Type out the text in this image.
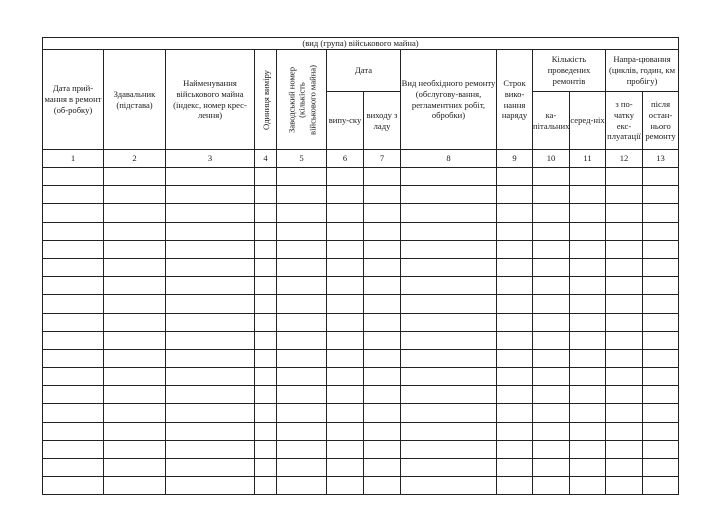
(вид (група) військового майна)												
Дата прий-мання в ремонт (об-робку)	Здавальник (підстава)	Найменування військового майна (індекс, номер крес-лення)	Одиниця виміру	Заводський номер (кількість військового майна)	Дата		Вид необхідного ремонту (обслугову-вання, регламентних робіт, обробки)	Строк вико-нання наряду	Кількість проведених ремонтів		Напра-цювання (циклів, годин, км пробігу)	
					випу-ску	виходу з ладу			ка-пітальних	серед-ніх	з по-чатку екс-плуатації	після остан-нього ремонту
1	2	3	4	5	6	7	8	9	10	11	12	13
